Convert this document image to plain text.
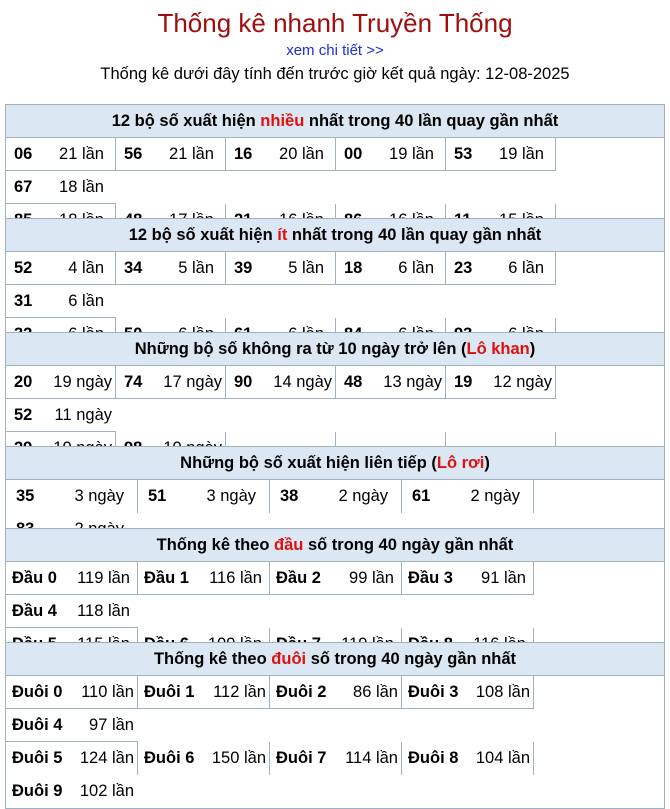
Thống kê nhanh Truyền Thống
xem chi tiết >>
Thống kê dưới đây tính đến trước giờ kết quả ngày: 12-08-2025
12 bộ số xuất hiện nhiều nhất trong 40 lần quay gần nhất
06 21 lần	56 21 lần	16 20 lần	00 19 lần	53 19 lần
67 18 lần
12 bộ số xuất hiện ít nhất trong 40 lần quay gần nhất
52 4 lần	34 5 lần	39 5 lần	18 6 lần	23 6 lần
31 6 lần
Những bộ số không ra từ 10 ngày trở lên (Lô khan)
20 19 ngày 74 17 ngày 90 14 ngày 48 13 ngày 19 12 ngày
52 11 ngày
Những bộ số xuất hiện liên tiếp (Lô rơi)
35 3 ngày	51 3 ngày	38 2 ngày	61 2 ngày
Thống kê theo đầu số trong 40 ngày gần nhất
Đầu 0 119 lần Đầu 1 116 lần Đầu 2 99 lần Đầu 3 91 lần
Đầu 4 118 lần
Thống kê theo đuôi số trong 40 ngày gần nhất
Đuôi 0 110 lần Đuôi 1 112 lần Đuôi 2 86 lần Đuôi 3 108 lần
Đuôi 4 97 lần
Đuôi 5 124 lần Đuôi 6 150 lần Đuôi 7 114 lần Đuôi 8 104 lần
Đuôi 9 102 lần
